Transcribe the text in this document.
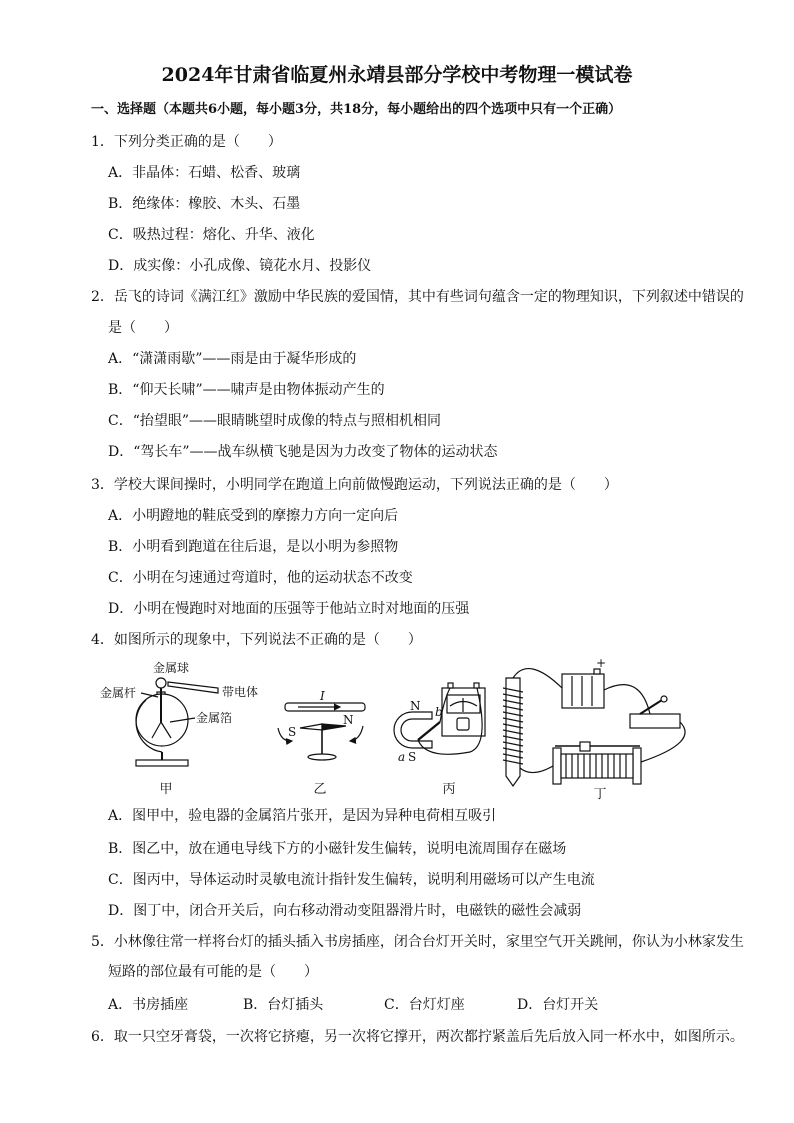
2024年甘肃省临夏州永靖县部分学校中考物理一模试卷
一、选择题（本题共6小题，每小题3分，共18分，每小题给出的四个选项中只有一个正确）
1．下列分类正确的是（　　）
A．非晶体：石蜡、松香、玻璃
B．绝缘体：橡胶、木头、石墨
C．吸热过程：熔化、升华、液化
D．成实像：小孔成像、镜花水月、投影仪
2．岳飞的诗词《满江红》激励中华民族的爱国情，其中有些词句蕴含一定的物理知识，下列叙述中错误的
是（　　）
A．“潇潇雨歇”——雨是由于凝华形成的
B．“仰天长啸”——啸声是由物体振动产生的
C．“抬望眼”——眼睛眺望时成像的特点与照相机相同
D．“驾长车”——战车纵横飞驰是因为力改变了物体的运动状态
3．学校大课间操时，小明同学在跑道上向前做慢跑运动，下列说法正确的是（　　）
A．小明蹬地的鞋底受到的摩擦力方向一定向后
B．小明看到跑道在往后退，是以小明为参照物
C．小明在匀速通过弯道时，他的运动状态不改变
D．小明在慢跑时对地面的压强等于他站立时对地面的压强
4．如图所示的现象中，下列说法不正确的是（　　）
金属球
金属杆	带电体
金属箔
甲
I
S
N
乙
N
S
a
b
丙
+
丁
A．图甲中，验电器的金属箔片张开，是因为异种电荷相互吸引
B．图乙中，放在通电导线下方的小磁针发生偏转，说明电流周围存在磁场
C．图丙中，导体运动时灵敏电流计指针发生偏转，说明利用磁场可以产生电流
D．图丁中，闭合开关后，向右移动滑动变阻器滑片时，电磁铁的磁性会减弱
5．小林像往常一样将台灯的插头插入书房插座，闭合台灯开关时，家里空气开关跳闸，你认为小林家发生
短路的部位最有可能的是（　　）
A．书房插座	B．台灯插头	C．台灯灯座	D．台灯开关
6．取一只空牙膏袋，一次将它挤瘪，另一次将它撑开，两次都拧紧盖后先后放入同一杯水中，如图所示。
